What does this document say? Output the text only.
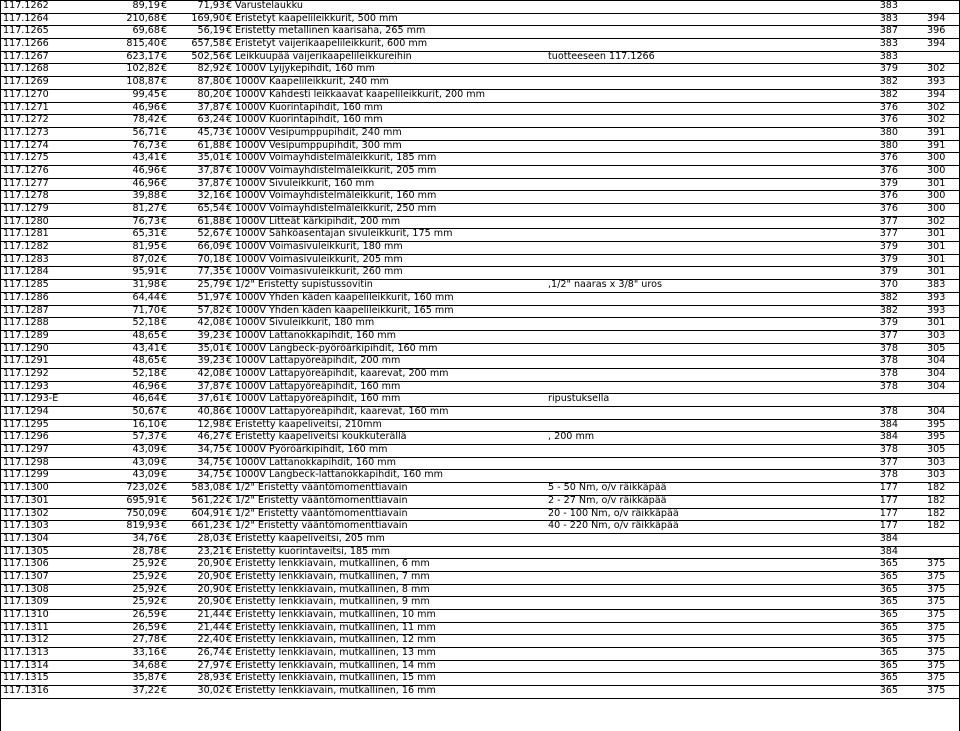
117.1262	89,19 €	71,93 € Varustelaukku	383
117.1264	210,68 €	169,90 € Eristetyt kaapelileikkurit, 500 mm	383	394
117.1265	69,68 €	56,19 € Eristetty metallinen kaarisaha, 265 mm	387	396
117.1266	815,40 €	657,58 € Eristetyt vaijerikaapelileikkurit, 600 mm	383	394
117.1267	623,17 €	502,56 € Leikkuupää vaijerikaapelileikkureihin	tuotteeseen 117.1266	383
117.1268	102,82 €	82,92 € 1000V Lyijykepihdit, 160 mm	379	302
117.1269	108,87 €	87,80 € 1000V Kaapelileikkurit, 240 mm	382	393
117.1270	99,45 €	80,20 € 1000V Kahdesti leikkaavat kaapelileikkurit, 200 mm	382	394
117.1271	46,96 €	37,87 € 1000V Kuorintapihdit, 160 mm	376	302
117.1272	78,42 €	63,24 € 1000V Kuorintapihdit, 160 mm	376	302
117.1273	56,71 €	45,73 € 1000V Vesipumppupihdit, 240 mm	380	391
117.1274	76,73 €	61,88 € 1000V Vesipumppupihdit, 300 mm	380	391
117.1275	43,41 €	35,01 € 1000V Voimayhdistelmäleikkurit, 185 mm	376	300
117.1276	46,96 €	37,87 € 1000V Voimayhdistelmäleikkurit, 205 mm	376	300
117.1277	46,96 €	37,87 € 1000V Sivuleikkurit, 160 mm	379	301
117.1278	39,88 €	32,16 € 1000V Voimayhdistelmäleikkurit, 160 mm	376	300
117.1279	81,27 €	65,54 € 1000V Voimayhdistelmäleikkurit, 250 mm	376	300
117.1280	76,73 €	61,88 € 1000V Litteät kärkipihdit, 200 mm	377	302
117.1281	65,31 €	52,67 € 1000V Sähköasentajan sivuleikkurit, 175 mm	377	301
117.1282	81,95 €	66,09 € 1000V Voimasivuleikkurit, 180 mm	379	301
117.1283	87,02 €	70,18 € 1000V Voimasivuleikkurit, 205 mm	379	301
117.1284	95,91 €	77,35 € 1000V Voimasivuleikkurit, 260 mm	379	301
117.1285	31,98 €	25,79 € 1/2" Eristetty supistussovitin	,1/2" naaras x 3/8" uros	370	383
117.1286	64,44 €	51,97 € 1000V Yhden käden kaapelileikkurit, 160 mm	382	393
117.1287	71,70 €	57,82 € 1000V Yhden käden kaapelileikkurit, 165 mm	382	393
117.1288	52,18 €	42,08 € 1000V Sivuleikkurit, 180 mm	379	301
117.1289	48,65 €	39,23 € 1000V Lattanokkapihdit, 160 mm	377	303
117.1290	43,41 €	35,01 € 1000V Langbeck-pyöröärkipihdit, 160 mm	378	305
117.1291	48,65 €	39,23 € 1000V Lattapyöreäpihdit, 200 mm	378	304
117.1292	52,18 €	42,08 € 1000V Lattapyöreäpihdit, kaarevat, 200 mm	378	304
117.1293	46,96 €	37,87 € 1000V Lattapyöreäpihdit, 160 mm	378	304
117.1293-E	46,64 €	37,61 € 1000V Lattapyöreäpihdit, 160 mm	ripustuksella
117.1294	50,67 €	40,86 € 1000V Lattapyöreäpihdit, kaarevat, 160 mm	378	304
117.1295	16,10 €	12,98 € Eristetty kaapeliveitsi, 210mm	384	395
117.1296	57,37 €	46,27 € Eristetty kaapeliveitsi koukkuterällä	, 200 mm	384	395
117.1297	43,09 €	34,75 € 1000V Pyöröärkipihdit, 160 mm	378	305
117.1298	43,09 €	34,75 € 1000V Lattanokkapihdit, 160 mm	377	303
117.1299	43,09 €	34,75 € 1000V Langbeck-lattanokkapihdit, 160 mm	378	303
117.1300	723,02 €	583,08 € 1/2" Eristetty vääntömomenttiavain	5 - 50 Nm, o/v räikkäpää	177	182
117.1301	695,91 €	561,22 € 1/2" Eristetty vääntömomenttiavain	2 - 27 Nm, o/v räikkäpää	177	182
117.1302	750,09 €	604,91 € 1/2" Eristetty vääntömomenttiavain	20 - 100 Nm, o/v räikkäpää	177	182
117.1303	819,93 €	661,23 € 1/2" Eristetty vääntömomenttiavain	40 - 220 Nm, o/v räikkäpää	177	182
117.1304	34,76 €	28,03 € Eristetty kaapeliveitsi, 205 mm	384
117.1305	28,78 €	23,21 € Eristetty kuorintaveitsi, 185 mm	384
117.1306	25,92 €	20,90 € Eristetty lenkkiavain, mutkallinen, 6 mm	365	375
117.1307	25,92 €	20,90 € Eristetty lenkkiavain, mutkallinen, 7 mm	365	375
117.1308	25,92 €	20,90 € Eristetty lenkkiavain, mutkallinen, 8 mm	365	375
117.1309	25,92 €	20,90 € Eristetty lenkkiavain, mutkallinen, 9 mm	365	375
117.1310	26,59 €	21,44 € Eristetty lenkkiavain, mutkallinen, 10 mm	365	375
117.1311	26,59 €	21,44 € Eristetty lenkkiavain, mutkallinen, 11 mm	365	375
117.1312	27,78 €	22,40 € Eristetty lenkkiavain, mutkallinen, 12 mm	365	375
117.1313	33,16 €	26,74 € Eristetty lenkkiavain, mutkallinen, 13 mm	365	375
117.1314	34,68 €	27,97 € Eristetty lenkkiavain, mutkallinen, 14 mm	365	375
117.1315	35,87 €	28,93 € Eristetty lenkkiavain, mutkallinen, 15 mm	365	375
117.1316	37,22 €	30,02 € Eristetty lenkkiavain, mutkallinen, 16 mm	365	375
